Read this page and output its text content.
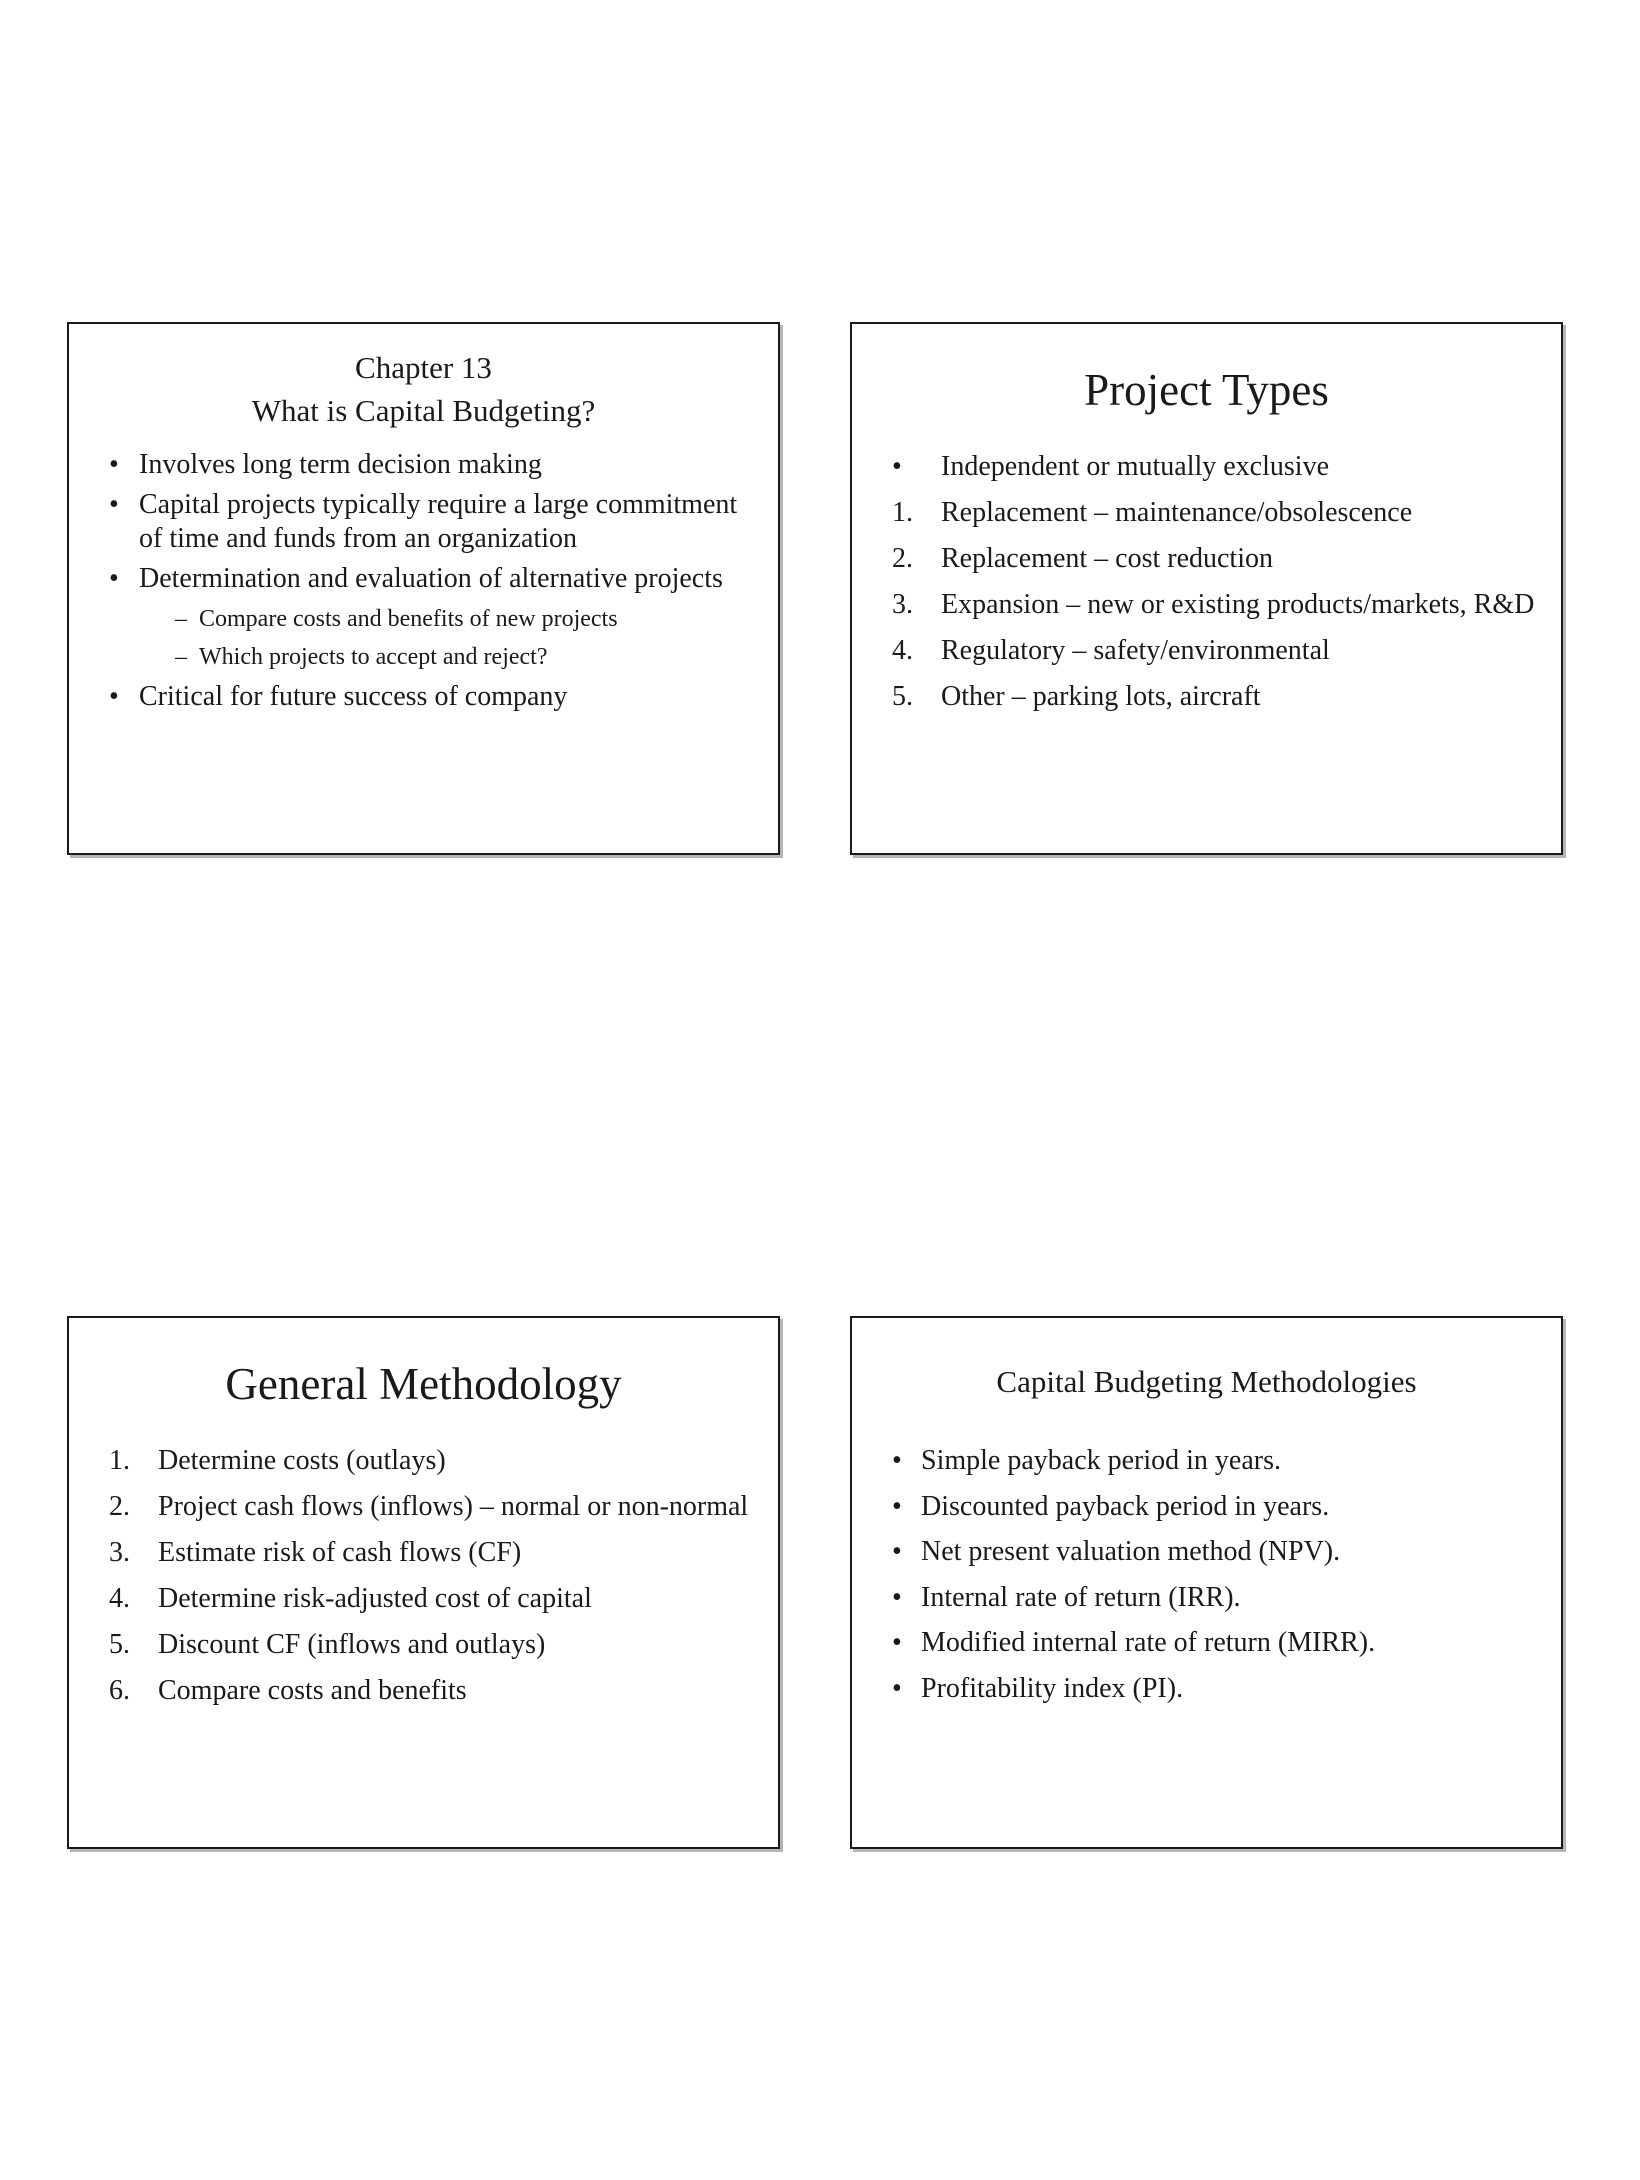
Chapter 13
What is Capital Budgeting?
• Involves long term decision making
• Capital projects typically require a large commitment of time and funds from an organization
• Determination and evaluation of alternative projects
– Compare costs and benefits of new projects
– Which projects to accept and reject?
• Critical for future success of company
Project Types
• Independent or mutually exclusive
1. Replacement – maintenance/obsolescence
2. Replacement – cost reduction
3. Expansion – new or existing products/markets, R&D
4. Regulatory – safety/environmental
5. Other – parking lots, aircraft
General Methodology
1. Determine costs (outlays)
2. Project cash flows (inflows) – normal or non-normal
3. Estimate risk of cash flows (CF)
4. Determine risk-adjusted cost of capital
5. Discount CF (inflows and outlays)
6. Compare costs and benefits
Capital Budgeting Methodologies
• Simple payback period in years.
• Discounted payback period in years.
• Net present valuation method (NPV).
• Internal rate of return (IRR).
• Modified internal rate of return (MIRR).
• Profitability index (PI).
